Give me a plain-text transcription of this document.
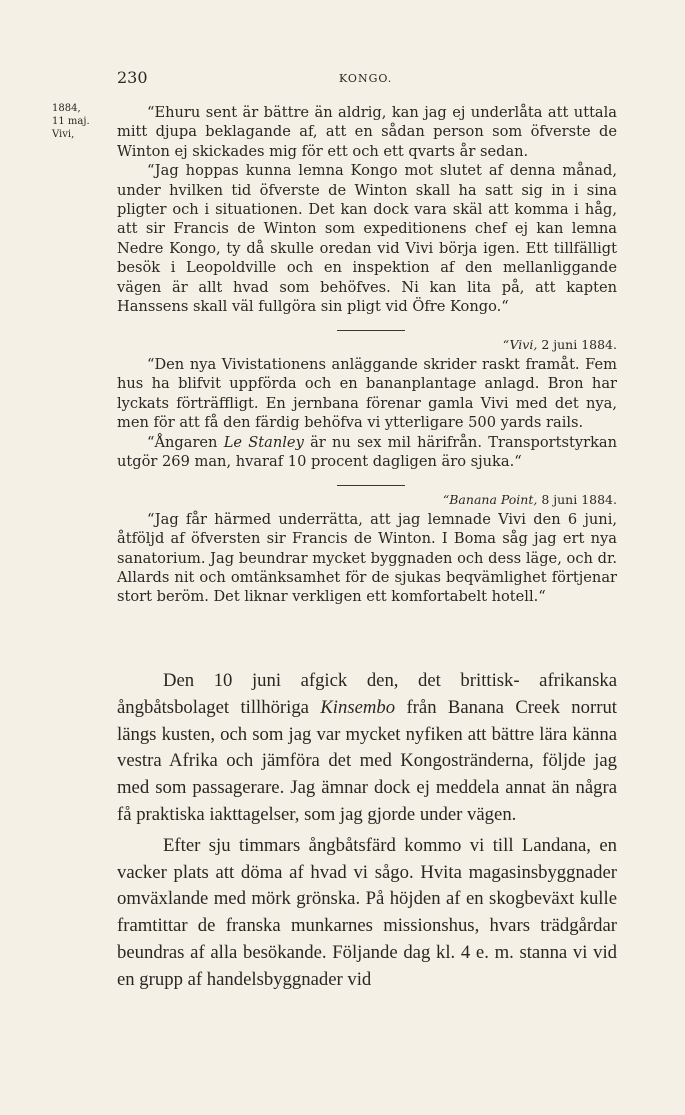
230	KONGO.
1884,
11 maj.
Vivi,

“Ehuru sent är bättre än aldrig, kan jag ej underlåta att uttala mitt djupa beklagande af, att en sådan person som öfverste de Winton ej skickades mig för ett och ett qvarts år sedan.

“Jag hoppas kunna lemna Kongo mot slutet af denna månad, under hvilken tid öfverste de Winton skall ha satt sig in i sina pligter och i situationen. Det kan dock vara skäl att komma i håg, att sir Francis de Winton som expeditionens chef ej kan lemna Nedre Kongo, ty då skulle oredan vid Vivi börja igen. Ett tillfälligt besök i Leopoldville och en inspektion af den mellanliggande vägen är allt hvad som behöfves. Ni kan lita på, att kapten Hanssens skall väl fullgöra sin pligt vid Öfre Kongo.“

“Vivi, 2 juni 1884.

“Den nya Vivistationens anläggande skrider raskt framåt. Fem hus ha blifvit uppförda och en bananplantage anlagd. Bron har lyckats förträffligt. En jernbana förenar gamla Vivi med det nya, men för att få den färdig behöfva vi ytterligare 500 yards rails.

“Ångaren Le Stanley är nu sex mil härifrån. Transportstyrkan utgör 269 man, hvaraf 10 procent dagligen äro sjuka.“

“Banana Point, 8 juni 1884.

“Jag får härmed underrätta, att jag lemnade Vivi den 6 juni, åtföljd af öfversten sir Francis de Winton. I Boma såg jag ert nya sanatorium. Jag beundrar mycket byggnaden och dess läge, och dr. Allards nit och omtänksamhet för de sjukas beqvämlighet förtjenar stort beröm. Det liknar verkligen ett komfortabelt hotell.“

Den 10 juni afgick den, det brittisk- afrikanska ångbåtsbolaget tillhöriga Kinsembo från Banana Creek norrut längs kusten, och som jag var mycket nyfiken att bättre lära känna vestra Afrika och jämföra det med Kongostränderna, följde jag med som passagerare. Jag ämnar dock ej meddela annat än några få praktiska iakttagelser, som jag gjorde under vägen.

Efter sju timmars ångbåtsfärd kommo vi till Landana, en vacker plats att döma af hvad vi sågo. Hvita magasinsbyggnader omväxlande med mörk grönska. På höjden af en skogbeväxt kulle framtittar de franska munkarnes missionshus, hvars trädgårdar beundras af alla besökande. Följande dag kl. 4 e. m. stanna vi vid en grupp af handelsbyggnader vid
